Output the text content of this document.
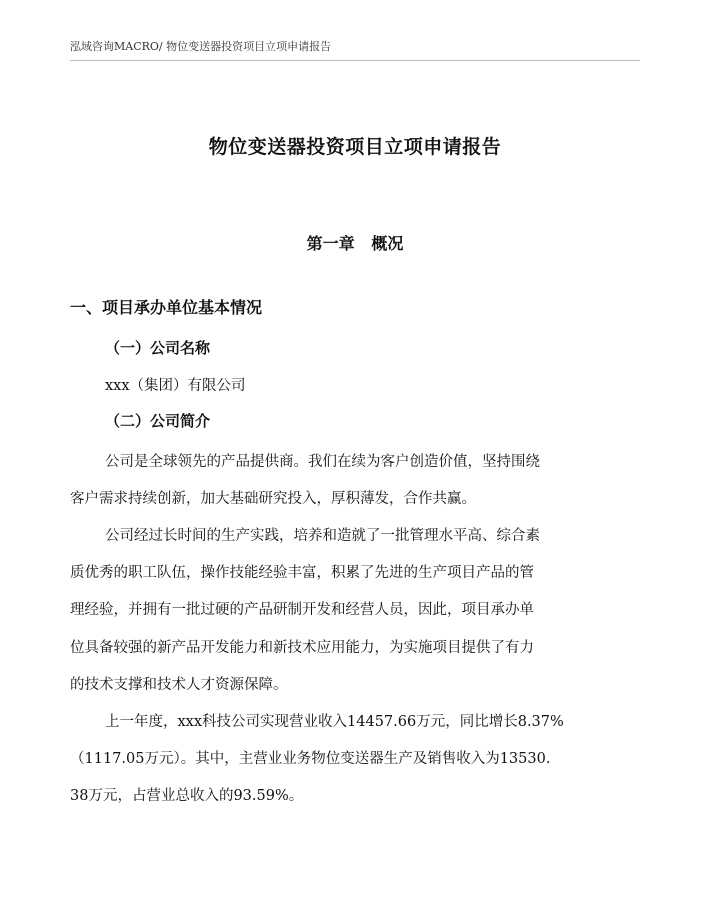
泓域咨询MACRO/ 物位变送器投资项目立项申请报告
物位变送器投资项目立项申请报告
第一章   概况
一、项目承办单位基本情况
（一）公司名称
xxx（集团）有限公司
（二）公司简介
公司是全球领先的产品提供商。我们在续为客户创造价值，坚持围绕
客户需求持续创新，加大基础研究投入，厚积薄发，合作共赢。
公司经过长时间的生产实践，培养和造就了一批管理水平高、综合素
质优秀的职工队伍，操作技能经验丰富，积累了先进的生产项目产品的管
理经验，并拥有一批过硬的产品研制开发和经营人员，因此，项目承办单
位具备较强的新产品开发能力和新技术应用能力，为实施项目提供了有力
的技术支撑和技术人才资源保障。
上一年度，xxx科技公司实现营业收入14457.66万元，同比增长8.37%
（1117.05万元）。其中，主营业业务物位变送器生产及销售收入为13530.
38万元，占营业总收入的93.59%。
